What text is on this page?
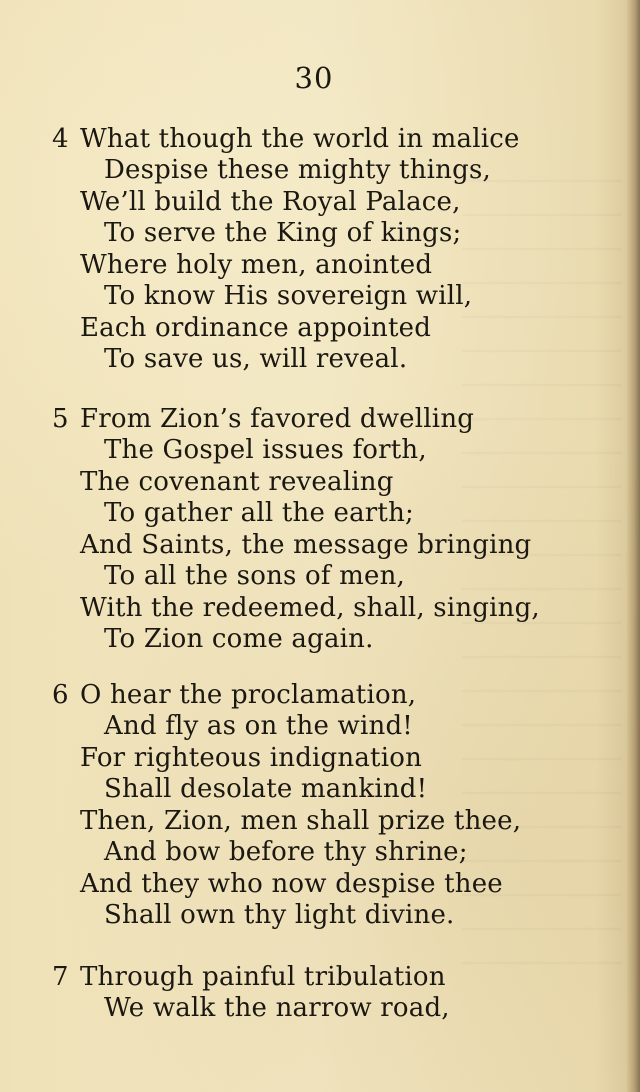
30
4 What though the world in malice
Despise these mighty things,
We’ll build the Royal Palace,
To serve the King of kings;
Where holy men, anointed
To know His sovereign will,
Each ordinance appointed
To save us, will reveal.
5 From Zion’s favored dwelling
The Gospel issues forth,
The covenant revealing
To gather all the earth;
And Saints, the message bringing
To all the sons of men,
With the redeemed, shall, singing,
To Zion come again.
6 O hear the proclamation,
And fly as on the wind!
For righteous indignation
Shall desolate mankind!
Then, Zion, men shall prize thee,
And bow before thy shrine;
And they who now despise thee
Shall own thy light divine.
7 Through painful tribulation
We walk the narrow road,
